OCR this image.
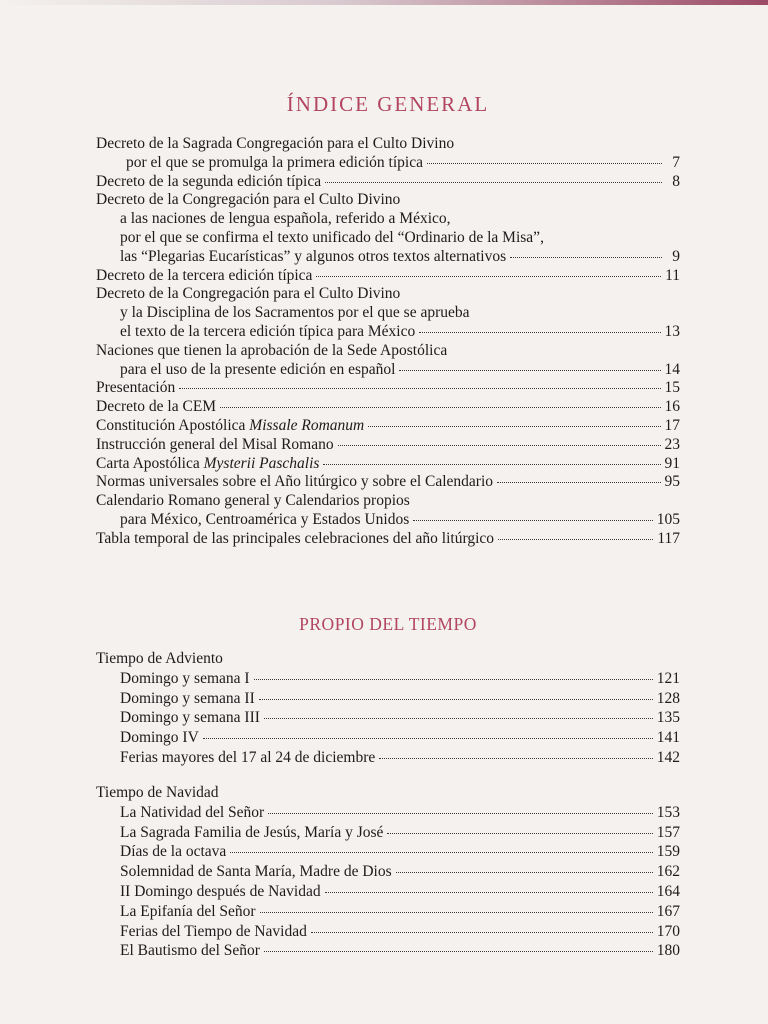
ÍNDICE GENERAL
Decreto de la Sagrada Congregación para el Culto Divino
por el que se promulga la primera edición típica	7
Decreto de la segunda edición típica	8
Decreto de la Congregación para el Culto Divino
a las naciones de lengua española, referido a México,
por el que se confirma el texto unificado del “Ordinario de la Misa”,
las “Plegarias Eucarísticas” y algunos otros textos alternativos	9
Decreto de la tercera edición típica	11
Decreto de la Congregación para el Culto Divino
y la Disciplina de los Sacramentos por el que se aprueba
el texto de la tercera edición típica para México	13
Naciones que tienen la aprobación de la Sede Apostólica
para el uso de la presente edición en español	14
Presentación	15
Decreto de la CEM	16
Constitución Apostólica Missale Romanum	17
Instrucción general del Misal Romano	23
Carta Apostólica Mysterii Paschalis	91
Normas universales sobre el Año litúrgico y sobre el Calendario	95
Calendario Romano general y Calendarios propios
para México, Centroamérica y Estados Unidos	105
Tabla temporal de las principales celebraciones del año litúrgico	117
PROPIO DEL TIEMPO
Tiempo de Adviento
Domingo y semana I	121
Domingo y semana II	128
Domingo y semana III	135
Domingo IV	141
Ferias mayores del 17 al 24 de diciembre	142
Tiempo de Navidad
La Natividad del Señor	153
La Sagrada Familia de Jesús, María y José	157
Días de la octava	159
Solemnidad de Santa María, Madre de Dios	162
II Domingo después de Navidad	164
La Epifanía del Señor	167
Ferias del Tiempo de Navidad	170
El Bautismo del Señor	180
